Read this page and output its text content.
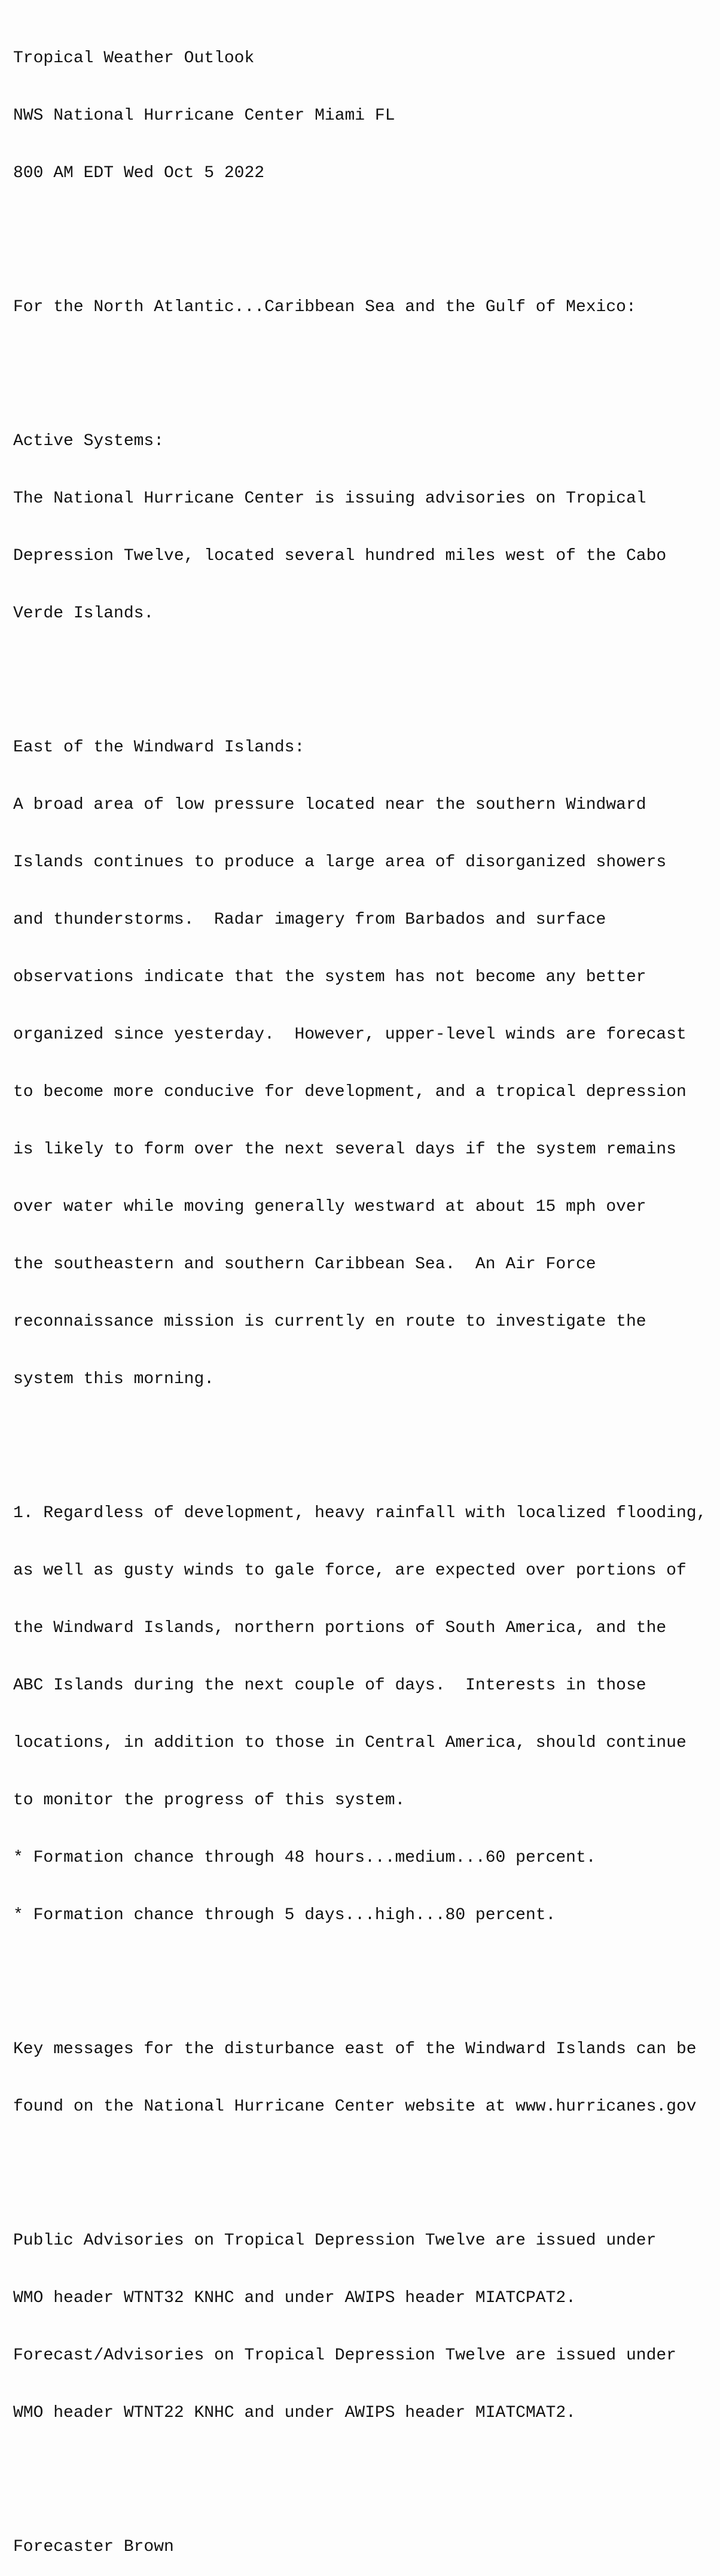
Tropical Weather Outlook

NWS National Hurricane Center Miami FL

800 AM EDT Wed Oct 5 2022

For the North Atlantic...Caribbean Sea and the Gulf of Mexico:

Active Systems:

The National Hurricane Center is issuing advisories on Tropical

Depression Twelve, located several hundred miles west of the Cabo

Verde Islands.

East of the Windward Islands:

A broad area of low pressure located near the southern Windward

Islands continues to produce a large area of disorganized showers

and thunderstorms.  Radar imagery from Barbados and surface

observations indicate that the system has not become any better

organized since yesterday.  However, upper-level winds are forecast

to become more conducive for development, and a tropical depression

is likely to form over the next several days if the system remains

over water while moving generally westward at about 15 mph over

the southeastern and southern Caribbean Sea.  An Air Force

reconnaissance mission is currently en route to investigate the

system this morning.

1. Regardless of development, heavy rainfall with localized flooding,

as well as gusty winds to gale force, are expected over portions of

the Windward Islands, northern portions of South America, and the

ABC Islands during the next couple of days.  Interests in those

locations, in addition to those in Central America, should continue

to monitor the progress of this system.

* Formation chance through 48 hours...medium...60 percent.

* Formation chance through 5 days...high...80 percent.

Key messages for the disturbance east of the Windward Islands can be

found on the National Hurricane Center website at www.hurricanes.gov

Public Advisories on Tropical Depression Twelve are issued under

WMO header WTNT32 KNHC and under AWIPS header MIATCPAT2.

Forecast/Advisories on Tropical Depression Twelve are issued under

WMO header WTNT22 KNHC and under AWIPS header MIATCMAT2.

Forecaster Brown
